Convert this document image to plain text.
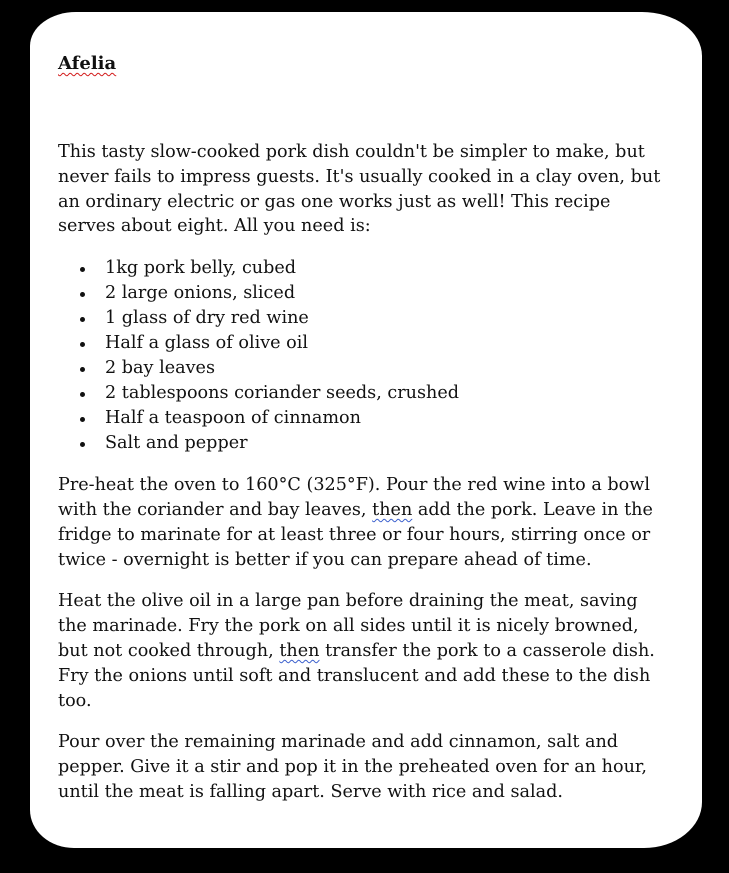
Afelia

This tasty slow-cooked pork dish couldn't be simpler to make, but never fails to impress guests. It's usually cooked in a clay oven, but an ordinary electric or gas one works just as well! This recipe serves about eight. All you need is:

1kg pork belly, cubed
2 large onions, sliced
1 glass of dry red wine
Half a glass of olive oil
2 bay leaves
2 tablespoons coriander seeds, crushed
Half a teaspoon of cinnamon
Salt and pepper

Pre-heat the oven to 160°C (325°F). Pour the red wine into a bowl with the coriander and bay leaves, then add the pork. Leave in the fridge to marinate for at least three or four hours, stirring once or twice - overnight is better if you can prepare ahead of time.

Heat the olive oil in a large pan before draining the meat, saving the marinade. Fry the pork on all sides until it is nicely browned, but not cooked through, then transfer the pork to a casserole dish. Fry the onions until soft and translucent and add these to the dish too.

Pour over the remaining marinade and add cinnamon, salt and pepper. Give it a stir and pop it in the preheated oven for an hour, until the meat is falling apart. Serve with rice and salad.
